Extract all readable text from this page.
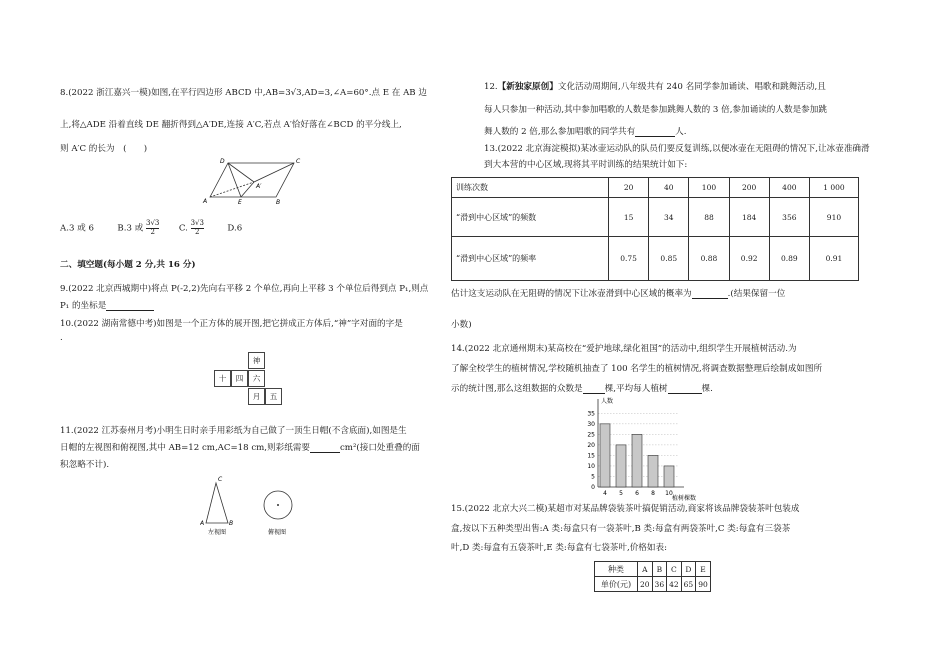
8.(2022 浙江嘉兴一模)如图,在平行四边形 ABCD 中,AB=3√3,AD=3,∠A=60°.点 E 在 AB 边
上,将△ADE 沿着直线 DE 翻折得到△A′DE,连接 A′C,若点 A′恰好落在∠BCD 的平分线上,
则 A′C 的长为　(　　)
D	C
A	E	B
A′
A.3 或 6	B.3 或 $\frac{3√3}{2} C$. $\frac{3√3}{2}$	D.6
二、填空题(每小题 2 分,共 16 分)
9.(2022 北京西城期中)将点 P(-2,2)先向右平移 2 个单位,再向上平移 3 个单位后得到点 P₁,则点
P₁ 的坐标是
10.(2022 湖南常德中考)如图是一个正方体的展开图,把它拼成正方体后,“神”字对面的字是
.
神
十	四	六
月	五
11.(2022 江苏泰州月考)小明生日时亲手用彩纸为自己做了一顶生日帽(不含底面),如图是生
日帽的左视图和俯视图,其中 AB=12 cm,AC=18 cm,则彩纸需要	cm²(接口处重叠的面
积忽略不计).
C
A	B
左视图	俯视图
12.【新独家原创】文化活动周期间,八年级共有 240 名同学参加诵读、唱歌和跳舞活动,且
每人只参加一种活动,其中参加唱歌的人数是参加跳舞人数的 3 倍,参加诵读的人数是参加跳
舞人数的 2 倍,那么参加唱歌的同学共有	人.
13.(2022 北京海淀模拟)某冰壶运动队的队员们要反复训练,以便冰壶在无阻碍的情况下,让冰壶准确滑
到大本营的中心区域,现将其平时训练的结果统计如下:
训练次数	20	40	100	200	400	1 000
“滑到中心区域”的频数	15	34	88	184	356	910
“滑到中心区域”的频率	0.75	0.85	0.88	0.92	0.89	0.91
估计这支运动队在无阻碍的情况下让冰壶滑到中心区域的概率为	.(结果保留一位
小数)
14.(2022 北京通州期末)某高校在“爱护地球,绿化祖国”的活动中,组织学生开展植树活动.为
了解全校学生的植树情况,学校随机抽查了 100 名学生的植树情况,将调查数据整理后绘制成如图所
示的统计图,那么这组数据的众数是	棵,平均每人植树	棵.
5
10
15
20
25
30
35
0
人数
植树棵数
4 5 6 8 10
15.(2022 北京大兴二模)某超市对某品牌袋装茶叶搞促销活动,商家将该品牌袋装茶叶包装成
盒,按以下五种类型出售:A 类:每盒只有一袋茶叶,B 类:每盒有两袋茶叶,C 类:每盒有三袋茶
叶,D 类:每盒有五袋茶叶,E 类:每盒有七袋茶叶,价格如表:
种类	A	B	C	D	E
单价(元)	20	36	42	65	90
